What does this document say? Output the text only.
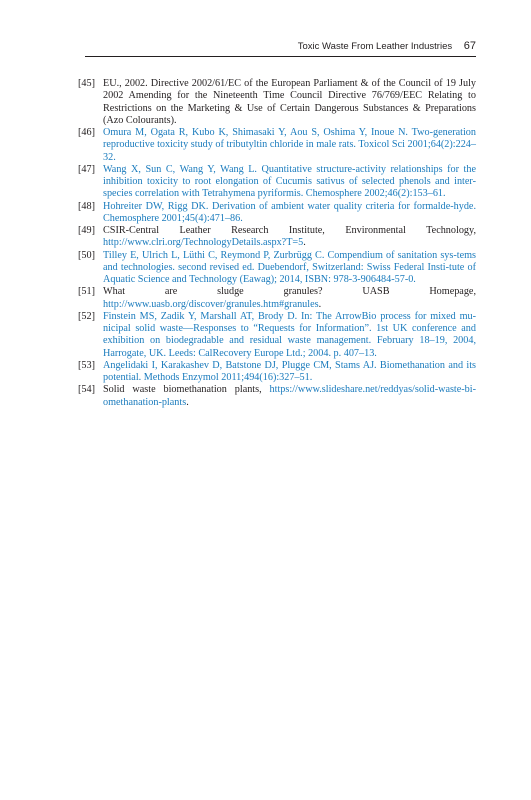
Toxic Waste From Leather Industries 67
[45] EU., 2002. Directive 2002/61/EC of the European Parliament & of the Council of 19 July 2002 Amending for the Nineteenth Time Council Directive 76/769/EEC Relating to Restrictions on the Marketing & Use of Certain Dangerous Substances & Preparations (Azo Colourants).
[46] Omura M, Ogata R, Kubo K, Shimasaki Y, Aou S, Oshima Y, Inoue N. Two-generation reproductive toxicity study of tributyltin chloride in male rats. Toxicol Sci 2001;64(2):224–32.
[47] Wang X, Sun C, Wang Y, Wang L. Quantitative structure-activity relationships for the inhibition toxicity to root elongation of Cucumis sativus of selected phenols and inter-species correlation with Tetrahymena pyriformis. Chemosphere 2002;46(2):153–61.
[48] Hohreiter DW, Rigg DK. Derivation of ambient water quality criteria for formalde-hyde. Chemosphere 2001;45(4):471–86.
[49] CSIR-Central Leather Research Institute, Environmental Technology, http://www.clri.org/TechnologyDetails.aspx?T=5.
[50] Tilley E, Ulrich L, Lüthi C, Reymond P, Zurbrügg C. Compendium of sanitation sys-tems and technologies. second revised ed. Duebendorf, Switzerland: Swiss Federal Insti-tute of Aquatic Science and Technology (Eawag); 2014, ISBN: 978-3-906484-57-0.
[51] What are sludge granules? UASB Homepage, http://www.uasb.org/discover/granules.htm#granules.
[52] Finstein MS, Zadik Y, Marshall AT, Brody D. In: The ArrowBio process for mixed mu-nicipal solid waste—Responses to “Requests for Information”. 1st UK conference and exhibition on biodegradable and residual waste management. February 18–19, 2004, Harrogate, UK. Leeds: CalRecovery Europe Ltd.; 2004. p. 407–13.
[53] Angelidaki I, Karakashev D, Batstone DJ, Plugge CM, Stams AJ. Biomethanation and its potential. Methods Enzymol 2011;494(16):327–51.
[54] Solid waste biomethanation plants, https://www.slideshare.net/reddyas/solid-waste-bi-omethanation-plants.
